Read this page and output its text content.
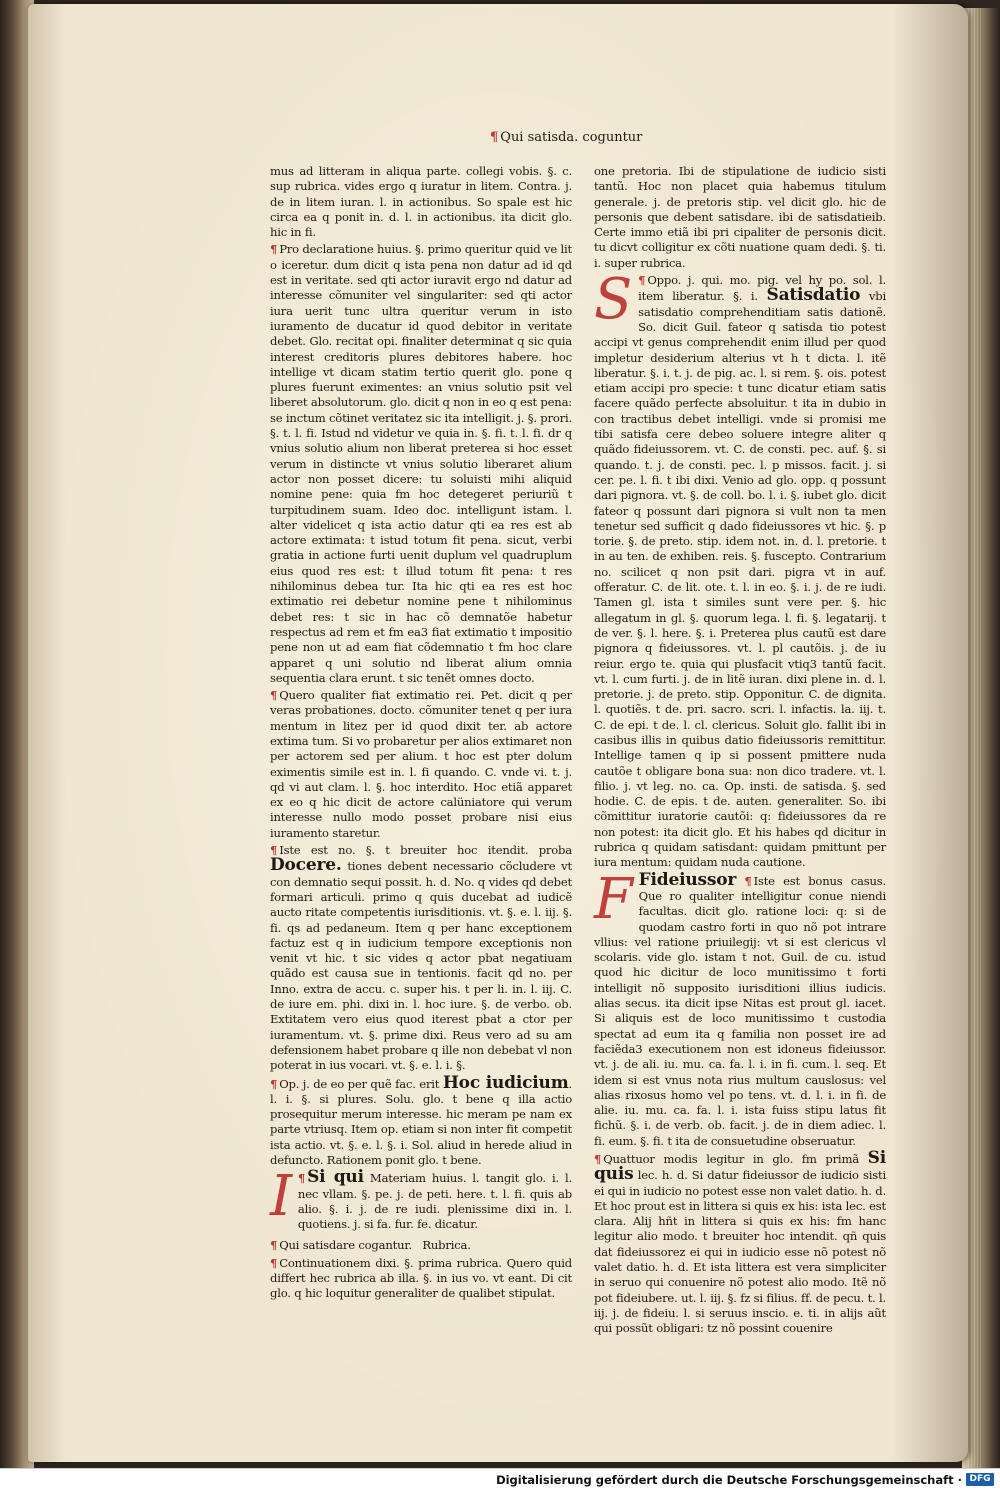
¶ Qui satisda. coguntur

mus ad litteram in aliqua parte. collegi vobis. §. c. sup rubrica. vides ergo q iuratur in litem. Contra. j. de in litem iuran. l. in actionibus. So spale est hic circa ea q ponit in. d. l. in actionibus. ita dicit glo. hic in fi.

¶ Pro declaratione huius. §. primo queritur quid ve lit o iceretur. dum dicit q ista pena non datur ad id qd est in veritate. sed qti actor iuravit ergo nd datur ad interesse cõmuniter vel singulariter: sed qti actor iura uerit tunc ultra queritur verum in isto iuramento de ducatur id quod debitor in veritate debet. Glo. recitat opi. finaliter determinat q sic quia interest creditoris plures debitores habere. hoc intellige vt dicam statim tertio querit glo. pone q plures fuerunt eximentes: an vnius solutio psit vel liberet absolutorum. glo. dicit q non in eo q est pena: se inctum cõtinet veritatez sic ita intelligit. j. §. prori. §. t. l. fi. Istud nd videtur ve quia in. §. fi. t. l. fi. dr q vnius solutio alium non liberat preterea si hoc esset verum in distincte vt vnius solutio liberaret alium actor non posset dicere: tu soluisti mihi aliquid nomine pene: quia fm hoc detegeret periuriũ t turpitudinem suam. Ideo doc. intelligunt istam. l. alter videlicet q ista actio datur qti ea res est ab actore extimata: t istud totum fit pena. sicut, verbi gratia in actione furti uenit duplum vel quadruplum eius quod res est: t illud totum fit pena: t res nihilominus debea tur. Ita hic qti ea res est hoc extimatio rei debetur nomine pene t nihilominus debet res: t sic in hac cõ demnatõe habetur respectus ad rem et fm ea3 fiat extimatio t impositio pene non ut ad eam fiat cõdemnatio t fm hoc clare apparet q uni solutio nd liberat alium omnia sequentia clara erunt. t sic tenẽt omnes docto.

¶ Quero qualiter fiat extimatio rei. Pet. dicit q per veras probationes. docto. cõmuniter tenet q per iura mentum in litez per id quod dixit ter. ab actore extima tum. Si vo probaretur per alios extimaret non per actorem sed per alium. t hoc est pter dolum eximentis simile est in. l. fi quando. C. vnde vi. t. j. qd vi aut clam. l. §. hoc interdito. Hoc etiã apparet ex eo q hic dicit de actore calüniatore qui verum interesse nullo modo posset probare nisi eius iuramento staretur.

¶ Iste est no. §. t breuiter hoc itendit. proba Docere. tiones debent necessario cõcludere vt con demnatio sequi possit. h. d. No. q vides qd debet formari articuli. primo q quis ducebat ad iudicẽ aucto ritate competentis iurisditionis. vt. §. e. l. iij. §. fi. qs ad pedaneum. Item q per hanc exceptionem factuz est q in iudicium tempore exceptionis non venit vt hic. t sic vides q actor pbat negatiuam quãdo est causa sue in tentionis. facit qd no. per Inno. extra de accu. c. super his. t per li. in. l. iij. C. de iure em. phi. dixi in. l. hoc iure. §. de verbo. ob. Extitatem vero eius quod iterest pbat a ctor per iuramentum. vt. §. prime dixi. Reus vero ad su am defensionem habet probare q ille non debebat vl non poterat in ius vocari. vt. §. e. l. i. §.

¶ Op. j. de eo per quẽ fac. erit Hoc iudicium. l. i. §. si plures. Solu. glo. t bene q illa actio prosequitur merum interesse. hic meram pe nam ex parte vtriusq. Item op. etiam si non inter fit competit ista actio. vt. §. e. l. §. i. Sol. aliud in herede aliud in defuncto. Rationem ponit glo. t bene.

I ¶ Si qui Materiam huius. l. tangit glo. i. l. nec vllam. §. pe. j. de peti. here. t. l. fi. quis ab alio. §. i. j. de re iudi. plenissime dixi in. l. quotiens. j. si fa. fur. fe. dicatur.

¶ Qui satisdare cogantur. Rubrica.

¶ Continuationem dixi. §. prima rubrica. Quero quid differt hec rubrica ab illa. §. in ius vo. vt eant. Di cit glo. q hic loquitur generaliter de qualibet stipulat.

one pretoria. Ibi de stipulatione de iudicio sisti tantũ. Hoc non placet quia habemus titulum generale. j. de pretoris stip. vel dicit glo. hic de personis que debent satisdare. ibi de satisdatieib. Certe immo etiã ibi pri cipaliter de personis dicit. tu dicvt colligitur ex cõti nuatione quam dedi. §. ti. i. super rubrica.

S ¶ Oppo. j. qui. mo. pig. vel hy po. sol. l. item liberatur. §. i. Satisdatio vbi satisdatio comprehenditiam satis dationẽ. So. dicit Guil. fateor q satisda tio potest accipi vt genus comprehendit enim illud per quod impletur desiderium alterius vt h t dicta. l. itẽ liberatur. §. i. t. j. de pig. ac. l. si rem. §. ois. potest etiam accipi pro specie: t tunc dicatur etiam satis facere quãdo perfecte absoluitur. t ita in dubio in con tractibus debet intelligi. vnde si promisi me tibi satisfa cere debeo soluere integre aliter q quãdo fideiussorem. vt. C. de consti. pec. auf. §. si quando. t. j. de consti. pec. l. p missos. facit. j. si cer. pe. l. fi. t ibi dixi. Venio ad glo. opp. q possunt dari pignora. vt. §. de coll. bo. l. i. §. iubet glo. dicit fateor q possunt dari pignora si vult non ta men tenetur sed sufficit q dado fideiussores vt hic. §. p torie. §. de preto. stip. idem not. in. d. l. pretorie. t in au ten. de exhiben. reis. §. fuscepto. Contrarium no. scilicet q non psit dari. pigra vt in auf. offeratur. C. de lit. ote. t. l. in eo. §. i. j. de re iudi. Tamen gl. ista t similes sunt vere per. §. hic allegatum in gl. §. quorum lega. l. fi. §. legatarij. t de ver. §. l. here. §. i. Preterea plus cautũ est dare pignora q fideiussores. vt. l. pl cautõis. j. de iu reiur. ergo te. quia qui plusfacit vtiq3 tantũ facit. vt. l. cum furti. j. de in litẽ iuran. dixi plene in. d. l. pretorie. j. de preto. stip. Opponitur. C. de dignita. l. quotiẽs. t de. pri. sacro. scri. l. infactis. la. iij. t. C. de epi. t de. l. cl. clericus. Soluit glo. fallit ibi in casibus illis in quibus datio fideiussoris remittitur. Intellige tamen q ip si possent pmittere nuda cautõe t obligare bona sua: non dico tradere. vt. l. filio. j. vt leg. no. ca. Op. insti. de satisda. §. sed hodie. C. de epis. t de. auten. generaliter. So. ibi cõmittitur iuratorie cautõi: q: fideiussores da re non potest: ita dicit glo. Et his habes qd dicitur in rubrica q quidam satisdant: quidam pmittunt per iura mentum: quidam nuda cautione.

F Fideiussor ¶ Iste est bonus casus. Que ro qualiter intelligitur conue niendi facultas. dicit glo. ratione loci: q: si de quodam castro forti in quo nõ pot intrare vllius: vel ratione priuilegij: vt si est clericus vl scolaris. vide glo. istam t not. Guil. de cu. istud quod hic dicitur de loco munitissimo t forti intelligit nõ supposito iurisditioni illius iudicis. alias secus. ita dicit ipse Nitas est prout gl. iacet. Si aliquis est de loco munitissimo t custodia spectat ad eum ita q familia non posset ire ad faciẽda3 executionem non est idoneus fideiussor. vt. j. de ali. iu. mu. ca. fa. l. i. in fi. cum. l. seq. Et idem si est vnus nota rius multum causlosus: vel alias rixosus homo vel po tens. vt. d. l. i. in fi. de alie. iu. mu. ca. fa. l. i. ista fuiss stipu latus fit fichũ. §. i. de verb. ob. facit. j. de in diem adiec. l. fi. eum. §. fi. t ita de consuetudine obseruatur.

¶ Quattuor modis legitur in glo. fm primã Si quis lec. h. d. Si datur fideiussor de iudicio sisti ei qui in iudicio no potest esse non valet datio. h. d. Et hoc prout est in littera si quis ex his: ista lec. est clara. Alij hñt in littera si quis ex his: fm hanc legitur alio modo. t breuiter hoc intendit. qñ quis dat fideiussorez ei qui in iudicio esse nõ potest nõ valet datio. h. d. Et ista littera est vera simpliciter in seruo qui conuenire nõ potest alio modo. Itẽ nõ pot fideiubere. ut. l. iij. §. fz si filius. ff. de pecu. t. l. iij. j. de fideiu. l. si seruus inscio. e. ti. in alijs aũt qui possũt obligari: tz nõ possint couenire

Digitalisierung gefördert durch die Deutsche Forschungsgemeinschaft · DFG
